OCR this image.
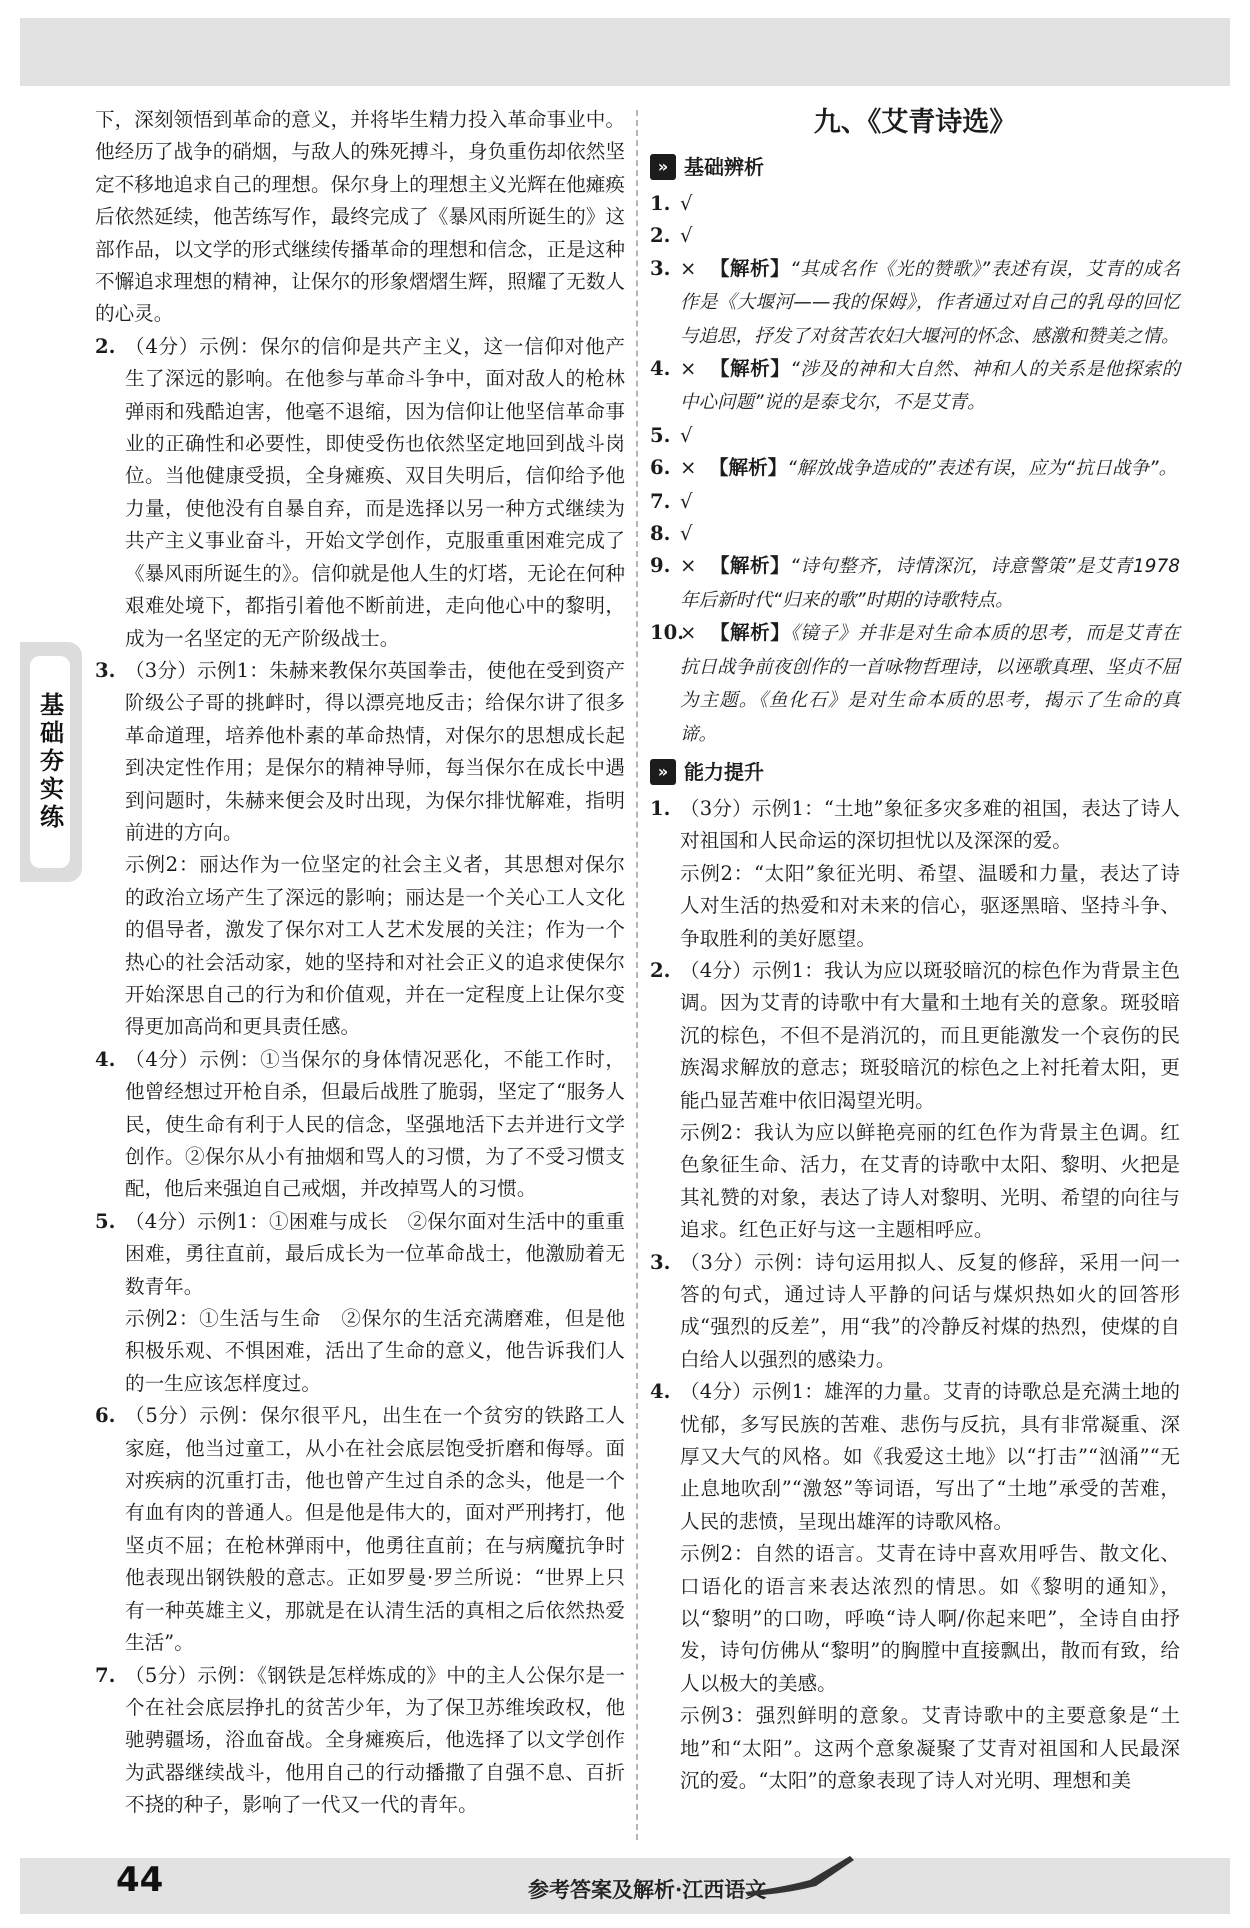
基础夯实练

下，深刻领悟到革命的意义，并将毕生精力投入革命事业中。他经历了战争的硝烟，与敌人的殊死搏斗，身负重伤却依然坚定不移地追求自己的理想。保尔身上的理想主义光辉在他瘫痪后依然延续，他苦练写作，最终完成了《暴风雨所诞生的》这部作品，以文学的形式继续传播革命的理想和信念，正是这种不懈追求理想的精神，让保尔的形象熠熠生辉，照耀了无数人的心灵。

2. （4分）示例：保尔的信仰是共产主义，这一信仰对他产生了深远的影响。在他参与革命斗争中，面对敌人的枪林弹雨和残酷迫害，他毫不退缩，因为信仰让他坚信革命事业的正确性和必要性，即使受伤也依然坚定地回到战斗岗位。当他健康受损，全身瘫痪、双目失明后，信仰给予他力量，使他没有自暴自弃，而是选择以另一种方式继续为共产主义事业奋斗，开始文学创作，克服重重困难完成了《暴风雨所诞生的》。信仰就是他人生的灯塔，无论在何种艰难处境下，都指引着他不断前进，走向他心中的黎明，成为一名坚定的无产阶级战士。
3. （3分）示例1：朱赫来教保尔英国拳击，使他在受到资产阶级公子哥的挑衅时，得以漂亮地反击；给保尔讲了很多革命道理，培养他朴素的革命热情，对保尔的思想成长起到决定性作用；是保尔的精神导师，每当保尔在成长中遇到问题时，朱赫来便会及时出现，为保尔排忧解难，指明前进的方向。

示例2：丽达作为一位坚定的社会主义者，其思想对保尔的政治立场产生了深远的影响；丽达是一个关心工人文化的倡导者，激发了保尔对工人艺术发展的关注；作为一个热心的社会活动家，她的坚持和对社会正义的追求使保尔开始深思自己的行为和价值观，并在一定程度上让保尔变得更加高尚和更具责任感。

4. （4分）示例：①当保尔的身体情况恶化，不能工作时，他曾经想过开枪自杀，但最后战胜了脆弱，坚定了“服务人民，使生命有利于人民的信念，坚强地活下去并进行文学创作。②保尔从小有抽烟和骂人的习惯，为了不受习惯支配，他后来强迫自己戒烟，并改掉骂人的习惯。
5. （4分）示例1：①困难与成长　②保尔面对生活中的重重困难，勇往直前，最后成长为一位革命战士，他激励着无数青年。

示例2：①生活与生命　②保尔的生活充满磨难，但是他积极乐观、不惧困难，活出了生命的意义，他告诉我们人的一生应该怎样度过。

6. （5分）示例：保尔很平凡，出生在一个贫穷的铁路工人家庭，他当过童工，从小在社会底层饱受折磨和侮辱。面对疾病的沉重打击，他也曾产生过自杀的念头，他是一个有血有肉的普通人。但是他是伟大的，面对严刑拷打，他坚贞不屈；在枪林弹雨中，他勇往直前；在与病魔抗争时他表现出钢铁般的意志。正如罗曼·罗兰所说：“世界上只有一种英雄主义，那就是在认清生活的真相之后依然热爱生活”。
7. （5分）示例：《钢铁是怎样炼成的》中的主人公保尔是一个在社会底层挣扎的贫苦少年，为了保卫苏维埃政权，他驰骋疆场，浴血奋战。全身瘫痪后，他选择了以文学创作为武器继续战斗，他用自己的行动播撒了自强不息、百折不挠的种子，影响了一代又一代的青年。
九、《艾青诗选》
» 基础辨析
1. √
2. √
3. × 【解析】“其成名作《光的赞歌》”表述有误，艾青的成名作是《大堰河——我的保姆》，作者通过对自己的乳母的回忆与追思，抒发了对贫苦农妇大堰河的怀念、感激和赞美之情。
4. × 【解析】“涉及的神和大自然、神和人的关系是他探索的中心问题”说的是泰戈尔，不是艾青。
5. √
6. × 【解析】“解放战争造成的”表述有误，应为“抗日战争”。
7. √
8. √
9. × 【解析】“诗句整齐，诗情深沉，诗意警策”是艾青1978年后新时代“归来的歌”时期的诗歌特点。
10.
× 【解析】《镜子》并非是对生命本质的思考，而是艾青在抗日战争前夜创作的一首咏物哲理诗，以诬歌真理、坚贞不屈为主题。《鱼化石》是对生命本质的思考，揭示了生命的真谛。
» 能力提升
1. （3分）示例1：“土地”象征多灾多难的祖国，表达了诗人对祖国和人民命运的深切担忧以及深深的爱。

示例2：“太阳”象征光明、希望、温暖和力量，表达了诗人对生活的热爱和对未来的信心，驱逐黑暗、坚持斗争、争取胜利的美好愿望。

2. （4分）示例1：我认为应以斑驳暗沉的棕色作为背景主色调。因为艾青的诗歌中有大量和土地有关的意象。斑驳暗沉的棕色，不但不是消沉的，而且更能激发一个哀伤的民族渴求解放的意志；斑驳暗沉的棕色之上衬托着太阳，更能凸显苦难中依旧渴望光明。

示例2：我认为应以鲜艳亮丽的红色作为背景主色调。红色象征生命、活力，在艾青的诗歌中太阳、黎明、火把是其礼赞的对象，表达了诗人对黎明、光明、希望的向往与追求。红色正好与这一主题相呼应。

3. （3分）示例：诗句运用拟人、反复的修辞，采用一问一答的句式，通过诗人平静的问话与煤炽热如火的回答形成“强烈的反差”，用“我”的冷静反衬煤的热烈，使煤的自白给人以强烈的感染力。
4. （4分）示例1：雄浑的力量。艾青的诗歌总是充满土地的忧郁，多写民族的苦难、悲伤与反抗，具有非常凝重、深厚又大气的风格。如《我爱这土地》以“打击”“汹涌”“无止息地吹刮”“激怒”等词语，写出了“土地”承受的苦难，人民的悲愤，呈现出雄浑的诗歌风格。

示例2：自然的语言。艾青在诗中喜欢用呼告、散文化、口语化的语言来表达浓烈的情思。如《黎明的通知》，以“黎明”的口吻，呼唤“诗人啊/你起来吧”，全诗自由抒发，诗句仿佛从“黎明”的胸膛中直接飘出，散而有致，给人以极大的美感。

示例3：强烈鲜明的意象。艾青诗歌中的主要意象是“土地”和“太阳”。这两个意象凝聚了艾青对祖国和人民最深沉的爱。“太阳”的意象表现了诗人对光明、理想和美

44	参考答案及解析·江西语文
